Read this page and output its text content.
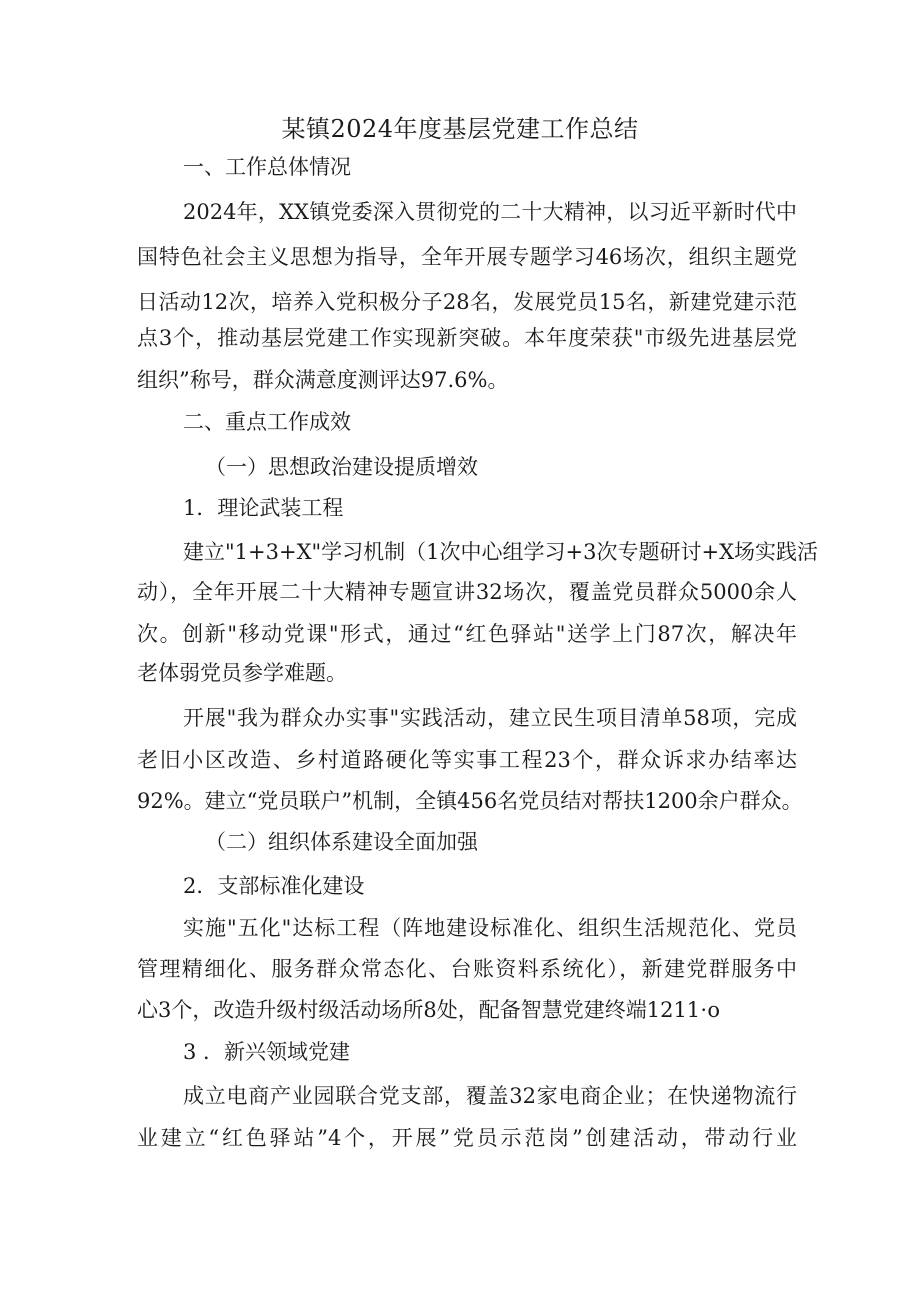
某镇2024年度基层党建工作总结

一、工作总体情况

2024年，XX镇党委深入贯彻党的二十大精神，以习近平新时代中

国特色社会主义思想为指导，全年开展专题学习46场次，组织主题党

日活动12次，培养入党积极分子28名，发展党员15名，新建党建示范

点3个，推动基层党建工作实现新突破。本年度荣获"市级先进基层党

组织”称号，群众满意度测评达97.6%。

二、重点工作成效

（一）思想政治建设提质增效

1．理论武装工程

建立"1+3+X"学习机制（1次中心组学习+3次专题研讨+X场实践活

动），全年开展二十大精神专题宣讲32场次，覆盖党员群众5000余人

次。创新"移动党课"形式，通过“红色驿站"送学上门87次，解决年

老体弱党员参学难题。

开展"我为群众办实事"实践活动，建立民生项目清单58项，完成

老旧小区改造、乡村道路硬化等实事工程23个，群众诉求办结率达

92%。建立“党员联户”机制，全镇456名党员结对帮扶1200余户群众。

（二）组织体系建设全面加强

2．支部标准化建设

实施"五化"达标工程（阵地建设标准化、组织生活规范化、党员

管理精细化、服务群众常态化、台账资料系统化），新建党群服务中

心3个，改造升级村级活动场所8处，配备智慧党建终端1211⋅o

3 ．新兴领域党建

成立电商产业园联合党支部，覆盖32家电商企业；在快递物流行

业建立“红色驿站”4个，开展”党员示范岗”创建活动，带动行业
